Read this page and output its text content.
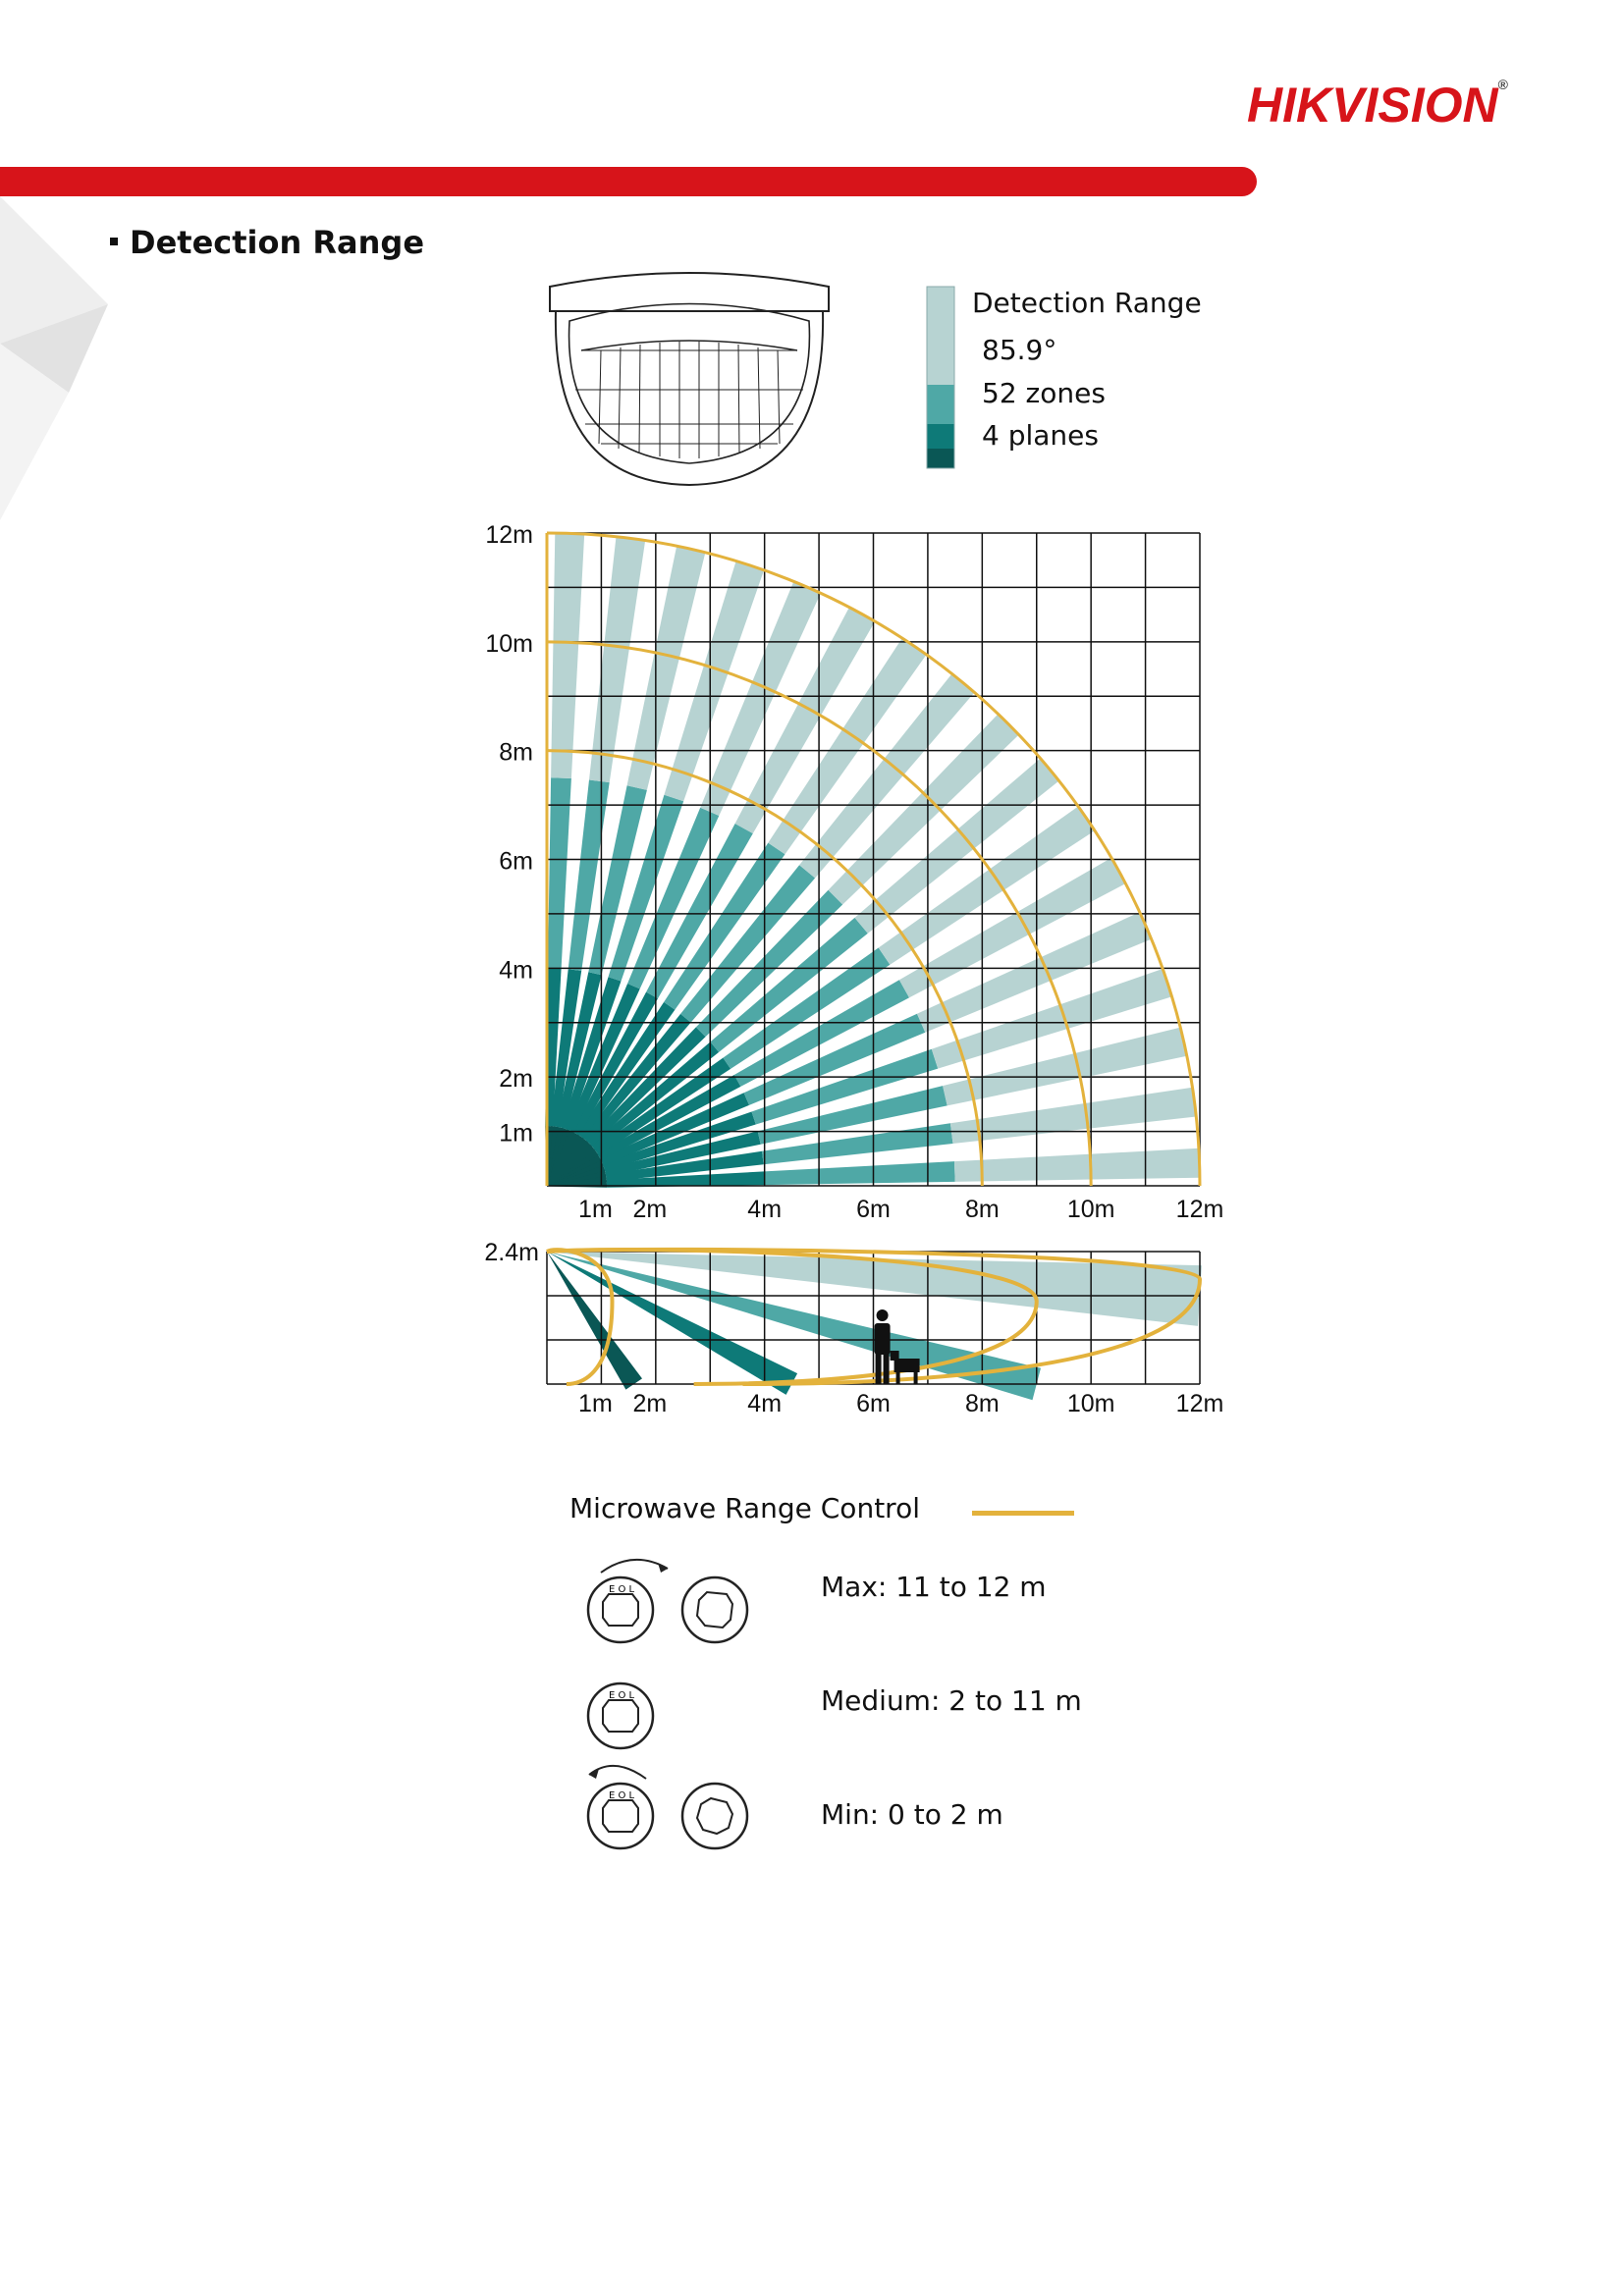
HIKVISION®
Detection Range
Detection Range
85.9°
52 zones
4 planes
12m
10m
8m
6m
4m
2m
1m
1m 2m	4m	6m	8m	10m 12m
2.4m
1m 2m	4m	6m	8m	10m 12m
Microwave Range Control
E O L	Max: 11 to 12 m
E O L	Medium: 2 to 11 m
E O L
Min: 0 to 2 m
